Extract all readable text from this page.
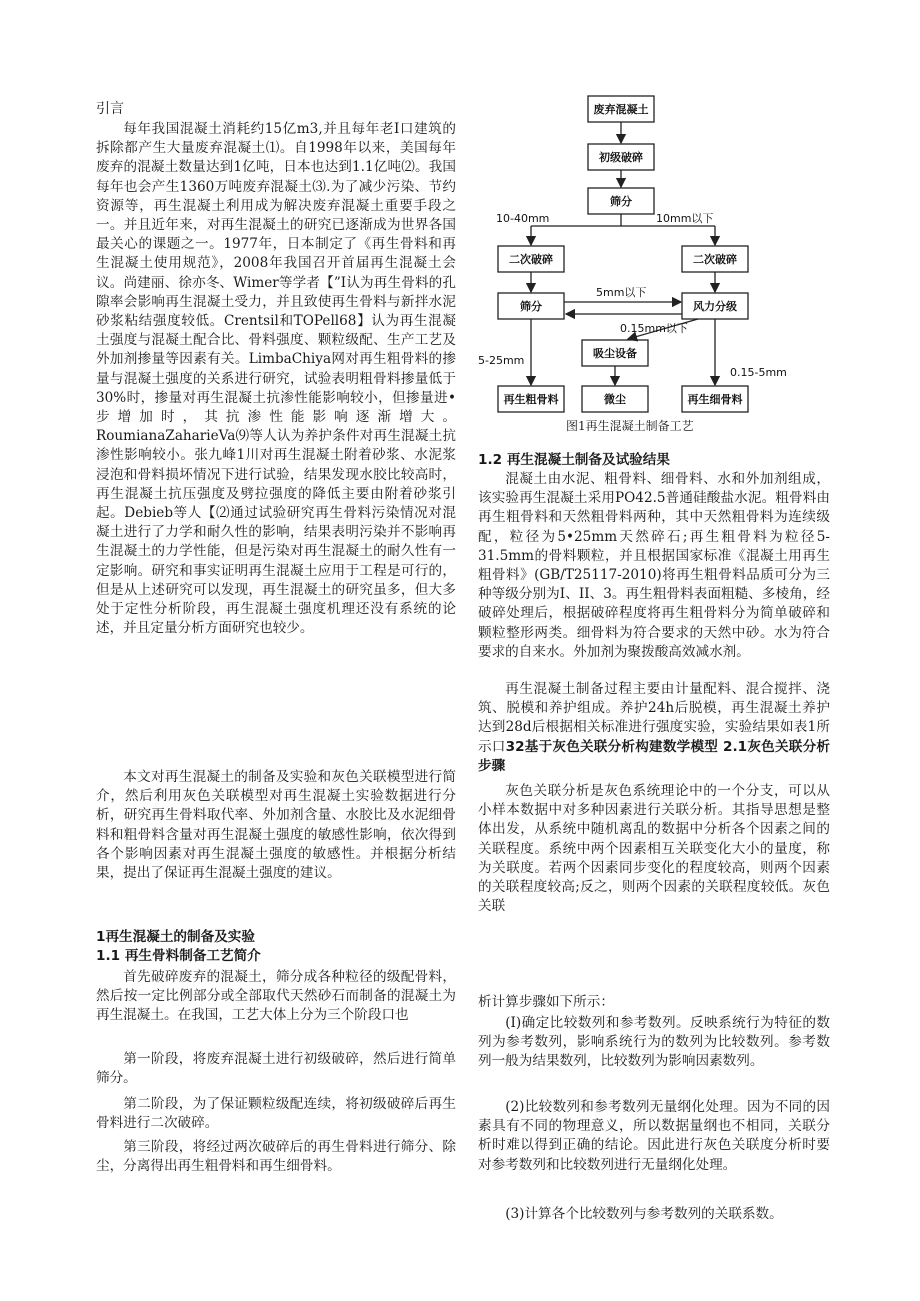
引言

每年我国混凝土消耗约15亿m3,并且每年老I口建筑的拆除都产生大量废弃混凝土⑴。自1998年以来，美国每年废弃的混凝土数量达到1亿吨，日本也达到1.1亿吨⑵。我国每年也会产生1360万吨废弃混凝土⑶.为了减少污染、节约资源等，再生混凝土利用成为解决废弃混凝土重要手段之一。并且近年来，对再生混凝土的研究已逐渐成为世界各国最关心的课题之一。1977年，日本制定了《再生骨料和再生混凝土使用规范》，2008年我国召开首届再生混凝土会议。尚建丽、徐亦冬、Wimer等学者【”I认为再生骨料的孔隙率会影响再生混凝土受力，并且致使再生骨料与新拌水泥砂浆粘结强度较低。Crentsil和TOPell68】认为再生混凝土强度与混凝土配合比、骨料强度、颗粒级配、生产工艺及外加剂掺量等因素有关。LimbaChiya网对再生粗骨料的掺量与混凝土强度的关系进行研究，试验表明粗骨料掺量低于30%时，掺量对再生混凝土抗渗性能影响较小，但掺量进•步增加时，其抗渗性能影响逐渐增大。RoumianaZaharieVa⑼等人认为养护条件对再生混凝土抗渗性影响较小。张九峰1川对再生混凝土附着砂浆、水泥浆浸泡和骨料损坏情况下进行试验，结果发现水胶比较高时，再生混凝土抗压强度及劈拉强度的降低主要由附着砂浆引起。Debieb等人【⑵通过试验研究再生骨料污染情况对混凝土进行了力学和耐久性的影响，结果表明污染并不影响再生混凝土的力学性能，但是污染对再生混凝土的耐久性有一定影响。研究和事实证明再生混凝土应用于工程是可行的，但是从上述研究可以发现，再生混凝土的研究虽多，但大多处于定性分析阶段，再生混凝土强度机理还没有系统的论述，并且定量分析方面研究也较少。

本文对再生混凝土的制备及实验和灰色关联模型进行简介，然后利用灰色关联模型对再生混凝土实验数据进行分析，研究再生骨料取代率、外加剂含量、水胶比及水泥细骨料和粗骨料含量对再生混凝土强度的敏感性影响，依次得到各个影响因素对再生混凝土强度的敏感性。并根据分析结果，提出了保证再生混凝土强度的建议。

1再生混凝土的制备及实验

1.1 再生骨料制备工艺简介

首先破碎废弃的混凝土，筛分成各种粒径的级配骨料，然后按一定比例部分或全部取代天然砂石而制备的混凝土为再生混凝土。在我国，工艺大体上分为三个阶段口也

第一阶段，将废弃混凝土进行初级破碎，然后进行简单筛分。

第二阶段，为了保证颗粒级配连续，将初级破碎后再生骨料进行二次破碎。

第三阶段，将经过两次破碎后的再生骨料进行筛分、除尘，分离得出再生粗骨料和再生细骨料。

废弃混凝土
初级破碎
筛分
二次破碎	二次破碎
筛分	风力分级
吸尘设备
再生粗骨料	微尘	再生细骨料
10-40mm	10mm以下
5mm以下
0.15mm以下
5-25mm
0.15-5mm

图1再生混凝土制备工艺

1.2 再生混凝土制备及试验结果

混凝土由水泥、粗骨料、细骨料、水和外加剂组成，该实验再生混凝土采用PO42.5普通硅酸盐水泥。粗骨料由再生粗骨料和天然粗骨料两种，其中天然粗骨料为连续级配，粒径为5•25mm天然碎石;再生粗骨料为粒径5-31.5mm的骨料颗粒，并且根据国家标准《混凝土用再生粗骨料》(GB/T25117-2010)将再生粗骨料品质可分为三种等级分别为I、II、3。再生粗骨料表面粗糙、多棱角，经破碎处理后，根据破碎程度将再生粗骨料分为简单破碎和颗粒整形两类。细骨料为符合要求的天然中砂。水为符合要求的自来水。外加剂为聚拨酸高效减水剂。

再生混凝土制备过程主要由计量配料、混合搅拌、浇筑、脱模和养护组成。养护24h后脱模，再生混凝土养护达到28d后根据相关标准进行强度实验，实验结果如表1所示口32基于灰色关联分析构建数学模型 2.1灰色关联分析步骤

灰色关联分析是灰色系统理论中的一个分支，可以从小样本数据中对多种因素进行关联分析。其指导思想是整体出发，从系统中随机离乱的数据中分析各个因素之间的关联程度。系统中两个因素相互关联变化大小的量度，称为关联度。若两个因素同步变化的程度较高，则两个因素的关联程度较高;反之，则两个因素的关联程度较低。灰色关联

析计算步骤如下所示：

(I)确定比较数列和参考数列。反映系统行为特征的数列为参考数列，影响系统行为的数列为比较数列。参考数列一般为结果数列，比较数列为影响因素数列。

(2)比较数列和参考数列无量纲化处理。因为不同的因素具有不同的物理意义，所以数据量纲也不相同，关联分析时难以得到正确的结论。因此进行灰色关联度分析时要对参考数列和比较数列进行无量纲化处理。

(3)计算各个比较数列与参考数列的关联系数。
